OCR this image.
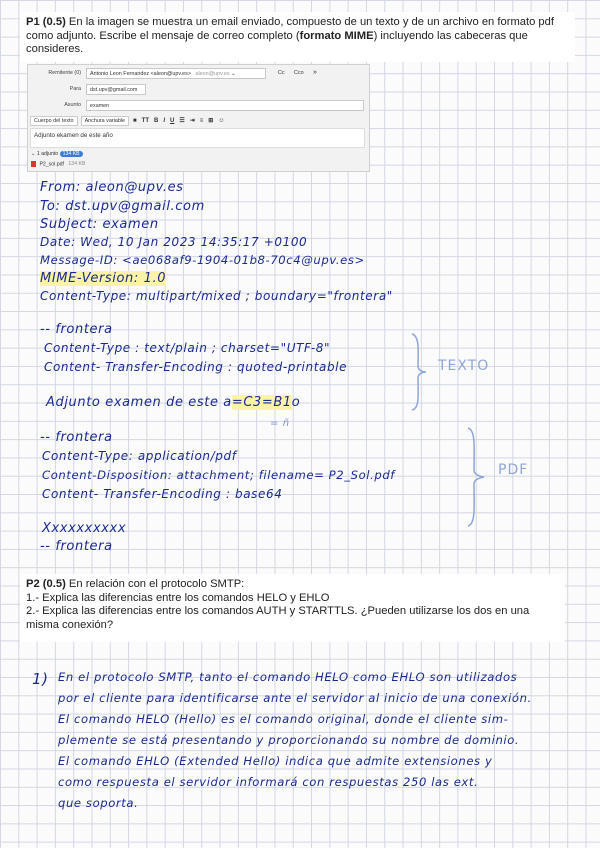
P1 (0.5) En la imagen se muestra un email enviado, compuesto de un texto y de un archivo en formato pdf como adjunto. Escribe el mensaje de correo completo (formato MIME) incluyendo las cabeceras que consideres.
Remitente (0)	Antonio Leon Fernandez <aleon@upv.es> aleon@upv.es ⌄	Cc Cco »
Para	dst.upv@gmail.com
Asunto	examen
Cuerpo del texto	Anchura variable	■ TT B I U ☰ ⇥ ≡ ⊞ ☺
Adjunto ekamen de este año
⌄ 1 adjunto 134 KB
P2_sol.pdf 134 KB
From: aleon@upv.es
To: dst.upv@gmail.com
Subject: examen
Date: Wed, 10 Jan 2023 14:35:17 +0100
Message-ID: <ae068af9-1904-01b8-70c4@upv.es>
MIME-Version: 1.0
Content-Type: multipart/mixed ; boundary="frontera"
-- frontera
Content-Type : text/plain ; charset="UTF-8"
Content- Transfer-Encoding : quoted-printable
Adjunto examen de este a=C3=B1o
= ñ
TEXTO
-- frontera
Content-Type: application/pdf
Content-Disposition: attachment; filename= P2_Sol.pdf
Content- Transfer-Encoding : base64
PDF
Xxxxxxxxxx
-- frontera
P2 (0.5) En relación con el protocolo SMTP:
1.- Explica las diferencias entre los comandos HELO y EHLO
2.- Explica las diferencias entre los comandos AUTH y STARTTLS. ¿Pueden utilizarse los dos en una misma conexión?
1) En el protocolo SMTP, tanto el comando HELO como EHLO son utilizados
por el cliente para identificarse ante el servidor al inicio de una conexión.
El comando HELO (Hello) es el comando original, donde el cliente sim-
plemente se está presentando y proporcionando su nombre de dominio.
El comando EHLO (Extended Hello) indica que admite extensiones y
como respuesta el servidor informará con respuestas 250 las ext.
que soporta.
